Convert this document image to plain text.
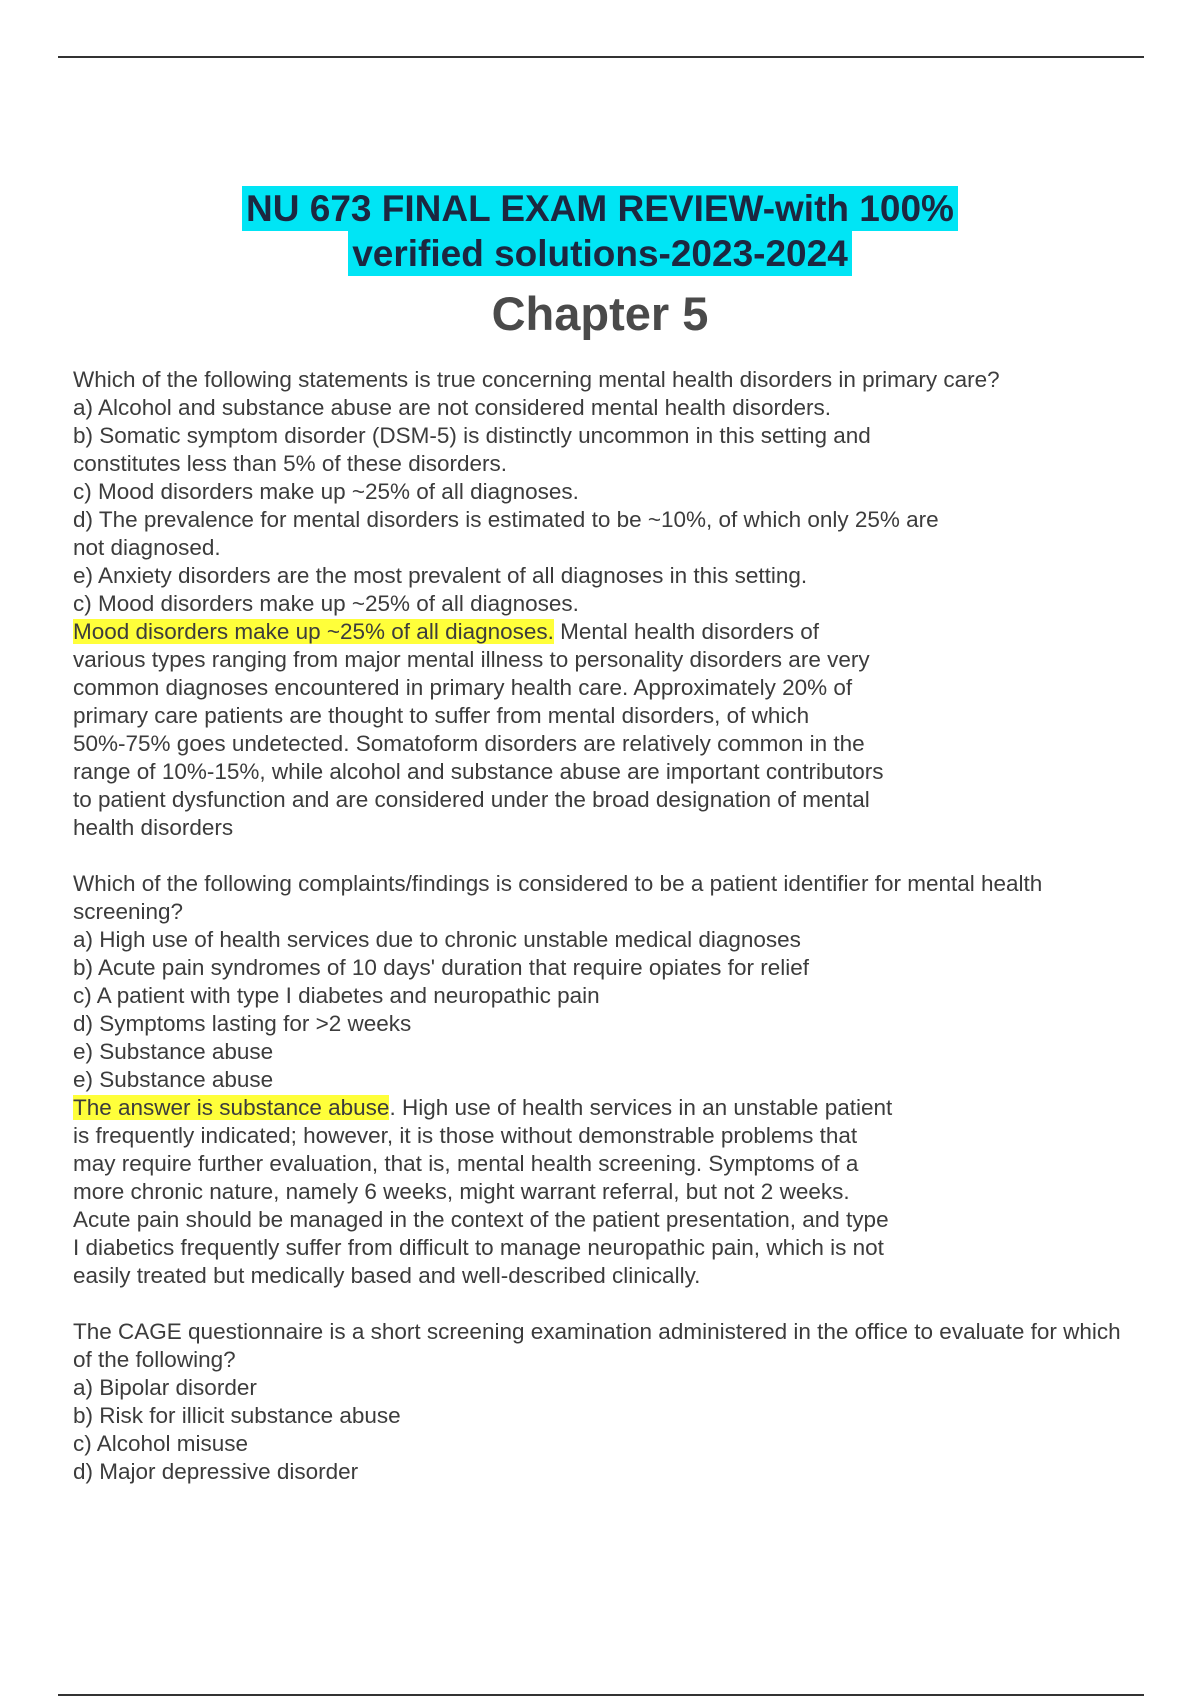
NU 673 FINAL EXAM REVIEW-with 100%
verified solutions-2023-2024
Chapter 5

Which of the following statements is true concerning mental health disorders in primary care?

a) Alcohol and substance abuse are not considered mental health disorders.

b) Somatic symptom disorder (DSM-5) is distinctly uncommon in this setting and

constitutes less than 5% of these disorders.

c) Mood disorders make up ~25% of all diagnoses.

d) The prevalence for mental disorders is estimated to be ~10%, of which only 25% are

not diagnosed.

e) Anxiety disorders are the most prevalent of all diagnoses in this setting.

c) Mood disorders make up ~25% of all diagnoses.

Mood disorders make up ~25% of all diagnoses. Mental health disorders of various types ranging from major mental illness to personality disorders are very common diagnoses encountered in primary health care. Approximately 20% of primary care patients are thought to suffer from mental disorders, of which 50%-75% goes undetected. Somatoform disorders are relatively common in the range of 10%-15%, while alcohol and substance abuse are important contributors to patient dysfunction and are considered under the broad designation of mental health disorders

Which of the following complaints/findings is considered to be a patient identifier for mental health screening?

a) High use of health services due to chronic unstable medical diagnoses

b) Acute pain syndromes of 10 days' duration that require opiates for relief

c) A patient with type I diabetes and neuropathic pain

d) Symptoms lasting for >2 weeks

e) Substance abuse

e) Substance abuse

The answer is substance abuse. High use of health services in an unstable patient is frequently indicated; however, it is those without demonstrable problems that may require further evaluation, that is, mental health screening. Symptoms of a more chronic nature, namely 6 weeks, might warrant referral, but not 2 weeks. Acute pain should be managed in the context of the patient presentation, and type I diabetics frequently suffer from difficult to manage neuropathic pain, which is not easily treated but medically based and well-described clinically.

The CAGE questionnaire is a short screening examination administered in the office to evaluate for which of the following?

a) Bipolar disorder

b) Risk for illicit substance abuse

c) Alcohol misuse

d) Major depressive disorder
